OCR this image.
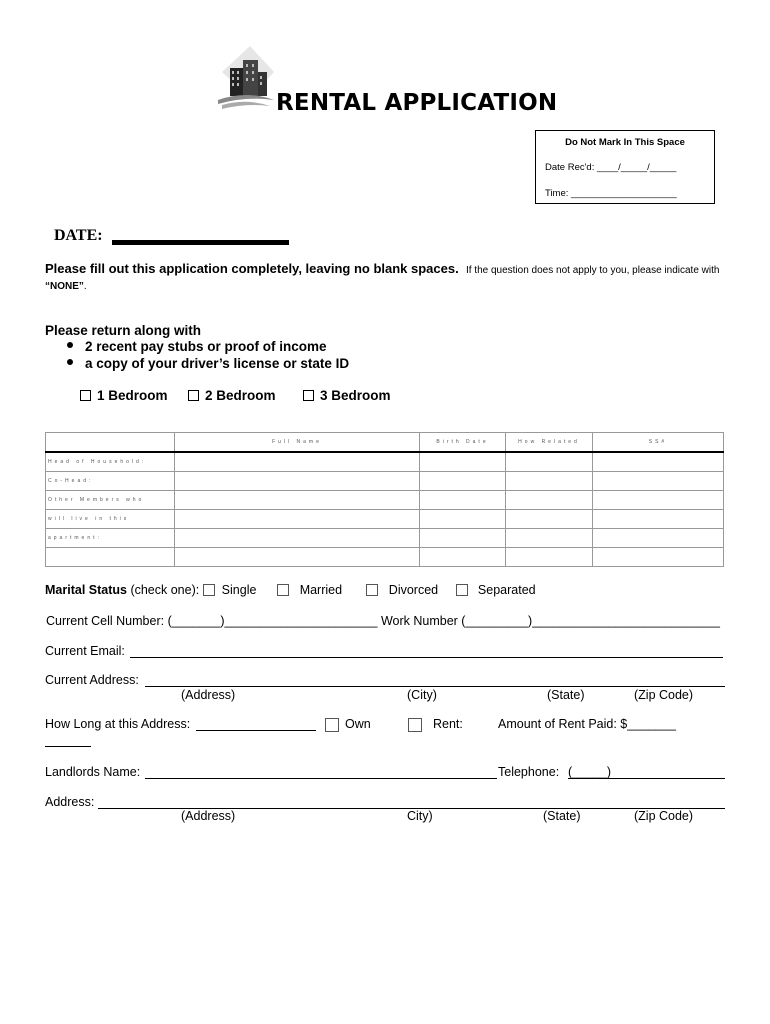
RENTAL APPLICATION
Do Not Mark In This Space
Date Rec'd: ____/_____/_____
Time: ____________________
DATE:
Please fill out this application completely, leaving no blank spaces. If the question does not apply to you, please indicate with “NONE”.
Please return along with
2 recent pay stubs or proof of income
a copy of your driver’s license or state ID
1 Bedroom	2 Bedroom	3 Bedroom
	Full Name	Birth Date	How Related	SS#
Head of Household:				
Co-Head:				
Other Members who				
will live in this				
apartment:				

Marital Status (check one): Single	Married	Divorced	Separated
Current Cell Number: (_______)______________________ Work Number (_________)___________________________
Current Email:
Current Address:
(Address)	(City)	(State)	(Zip Code)
How Long at this Address:	Own	Rent:	Amount of Rent Paid: $_______
Landlords Name:	Telephone: (_____)
Address:
(Address)	City)	(State)	(Zip Code)
